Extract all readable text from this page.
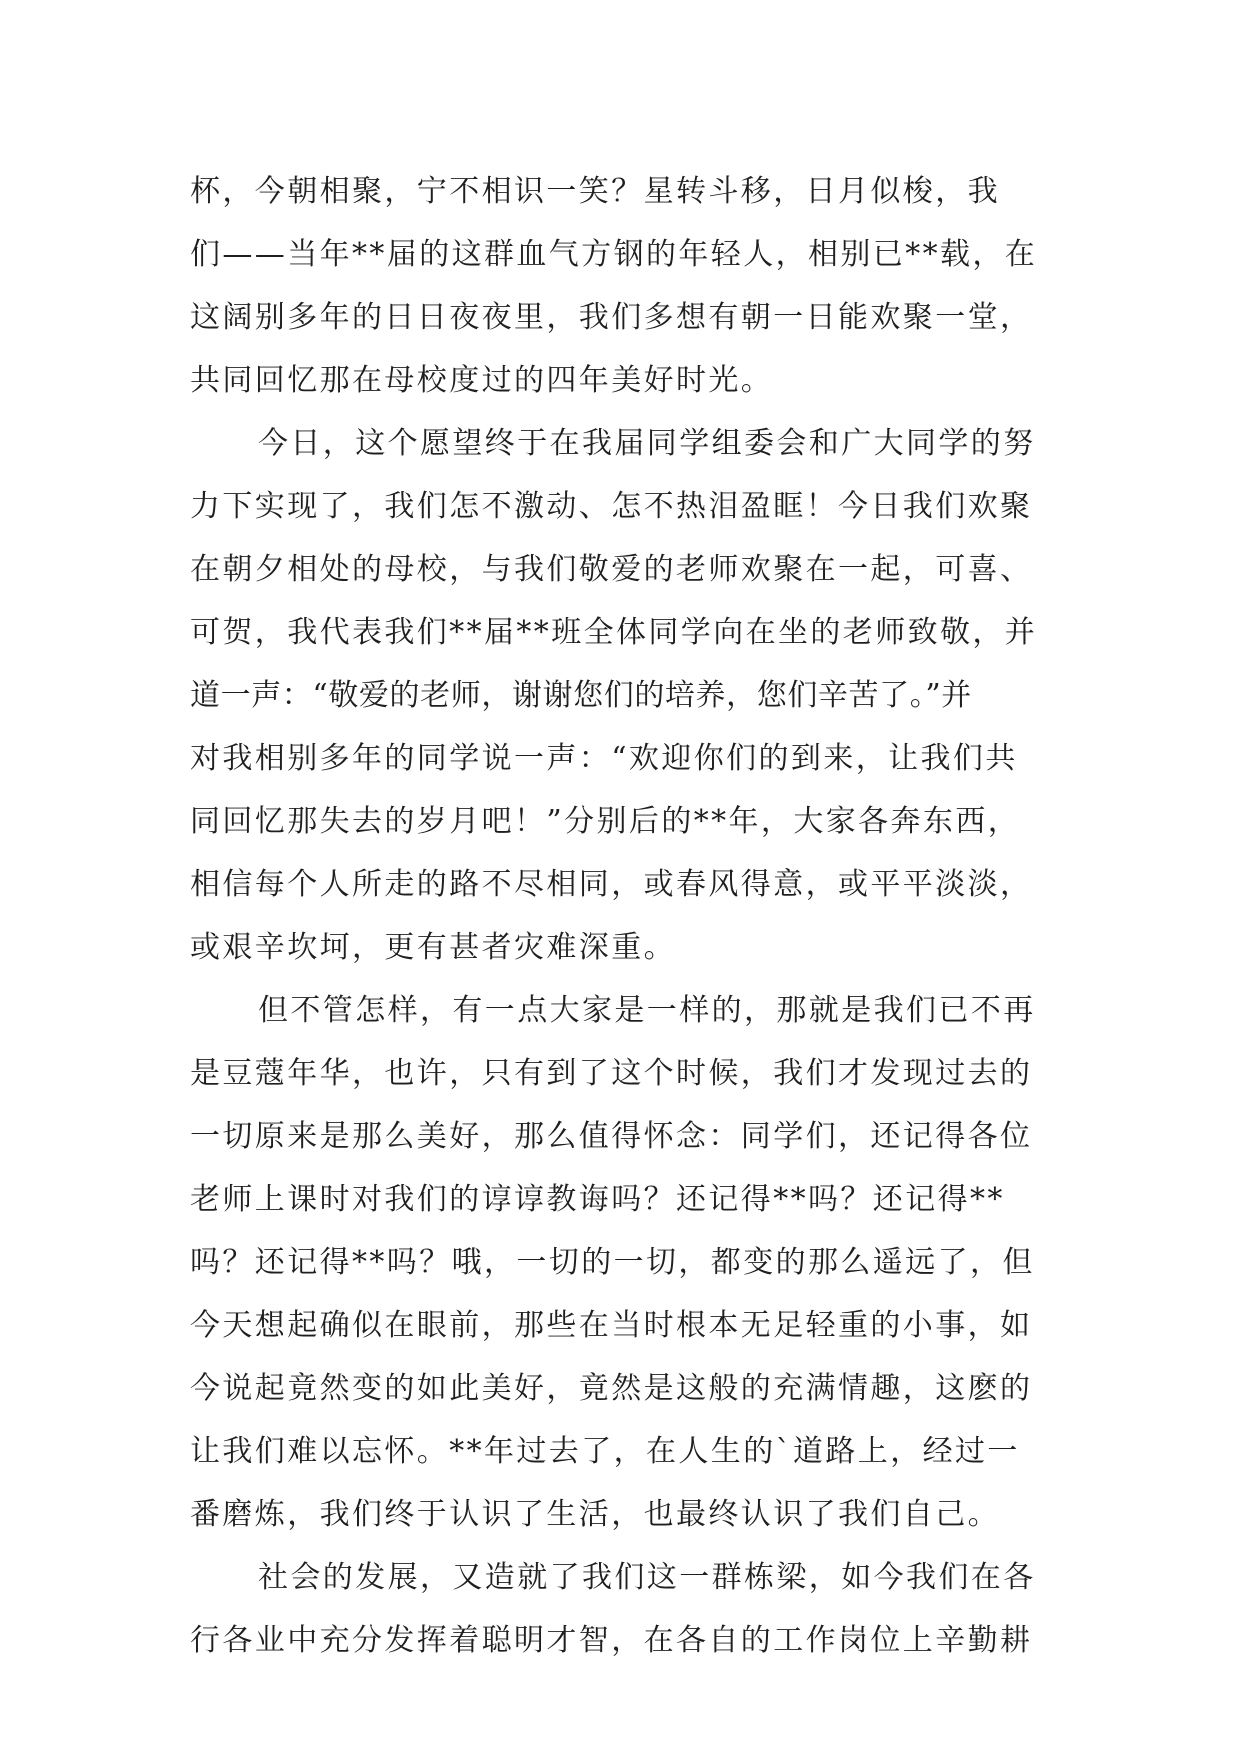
杯，今朝相聚，宁不相识一笑？星转斗移，日月似梭，我
们——当年**届的这群血气方钢的年轻人，相别已**载，在
这阔别多年的日日夜夜里，我们多想有朝一日能欢聚一堂，
共同回忆那在母校度过的四年美好时光。
今日，这个愿望终于在我届同学组委会和广大同学的努
力下实现了，我们怎不激动、怎不热泪盈眶！今日我们欢聚
在朝夕相处的母校，与我们敬爱的老师欢聚在一起，可喜、
可贺，我代表我们**届**班全体同学向在坐的老师致敬，并
道一声：“敬爱的老师，谢谢您们的培养，您们辛苦了。”并
对我相别多年的同学说一声：“欢迎你们的到来，让我们共
同回忆那失去的岁月吧！”分别后的**年，大家各奔东西，
相信每个人所走的路不尽相同，或春风得意，或平平淡淡，
或艰辛坎坷，更有甚者灾难深重。
但不管怎样，有一点大家是一样的，那就是我们已不再
是豆蔻年华，也许，只有到了这个时候，我们才发现过去的
一切原来是那么美好，那么值得怀念：同学们，还记得各位
老师上课时对我们的谆谆教诲吗？还记得**吗？还记得**
吗？还记得**吗？哦，一切的一切，都变的那么遥远了，但
今天想起确似在眼前，那些在当时根本无足轻重的小事，如
今说起竟然变的如此美好，竟然是这般的充满情趣，这麽的
让我们难以忘怀。**年过去了，在人生的`道路上，经过一
番磨炼，我们终于认识了生活，也最终认识了我们自己。
社会的发展，又造就了我们这一群栋梁，如今我们在各
行各业中充分发挥着聪明才智，在各自的工作岗位上辛勤耕
